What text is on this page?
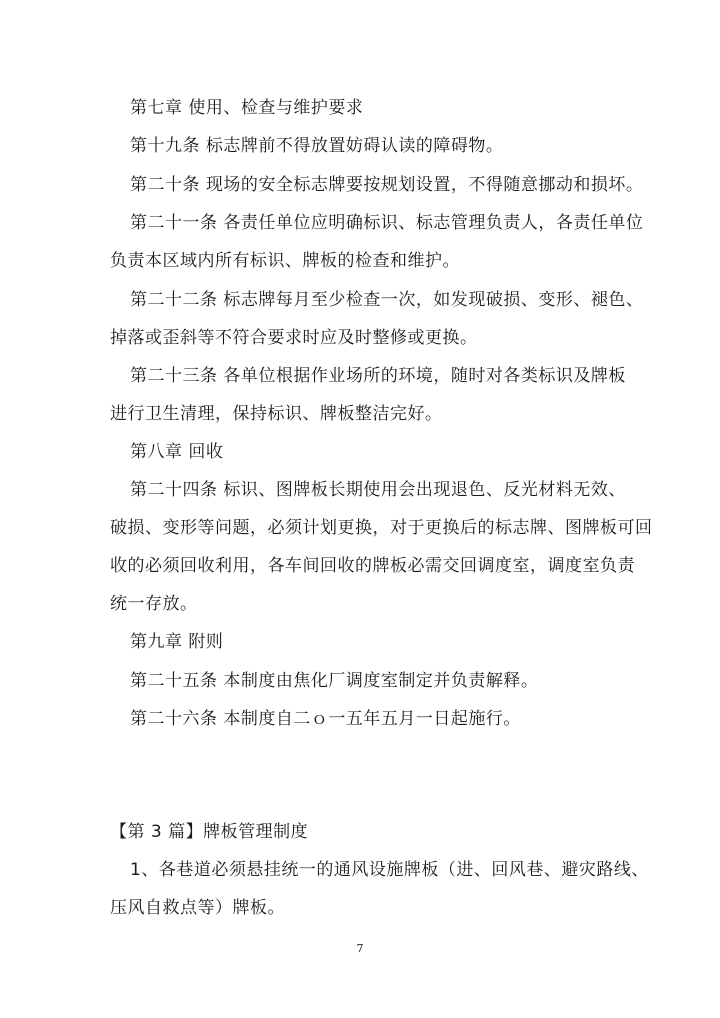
第七章 使用、检查与维护要求

第十九条 标志牌前不得放置妨碍认读的障碍物。

第二十条 现场的安全标志牌要按规划设置，不得随意挪动和损坏。

第二十一条 各责任单位应明确标识、标志管理负责人，各责任单位

负责本区域内所有标识、牌板的检查和维护。

第二十二条 标志牌每月至少检查一次，如发现破损、变形、褪色、

掉落或歪斜等不符合要求时应及时整修或更换。

第二十三条 各单位根据作业场所的环境，随时对各类标识及牌板

进行卫生清理，保持标识、牌板整洁完好。

第八章 回收

第二十四条 标识、图牌板长期使用会出现退色、反光材料无效、

破损、变形等问题，必须计划更换，对于更换后的标志牌、图牌板可回

收的必须回收利用，各车间回收的牌板必需交回调度室，调度室负责

统一存放。

第九章 附则

第二十五条 本制度由焦化厂调度室制定并负责解释。

第二十六条 本制度自二ｏ一五年五月一日起施行。

【第 3 篇】牌板管理制度

1、各巷道必须悬挂统一的通风设施牌板（进、回风巷、避灾路线、

压风自救点等）牌板。

7
